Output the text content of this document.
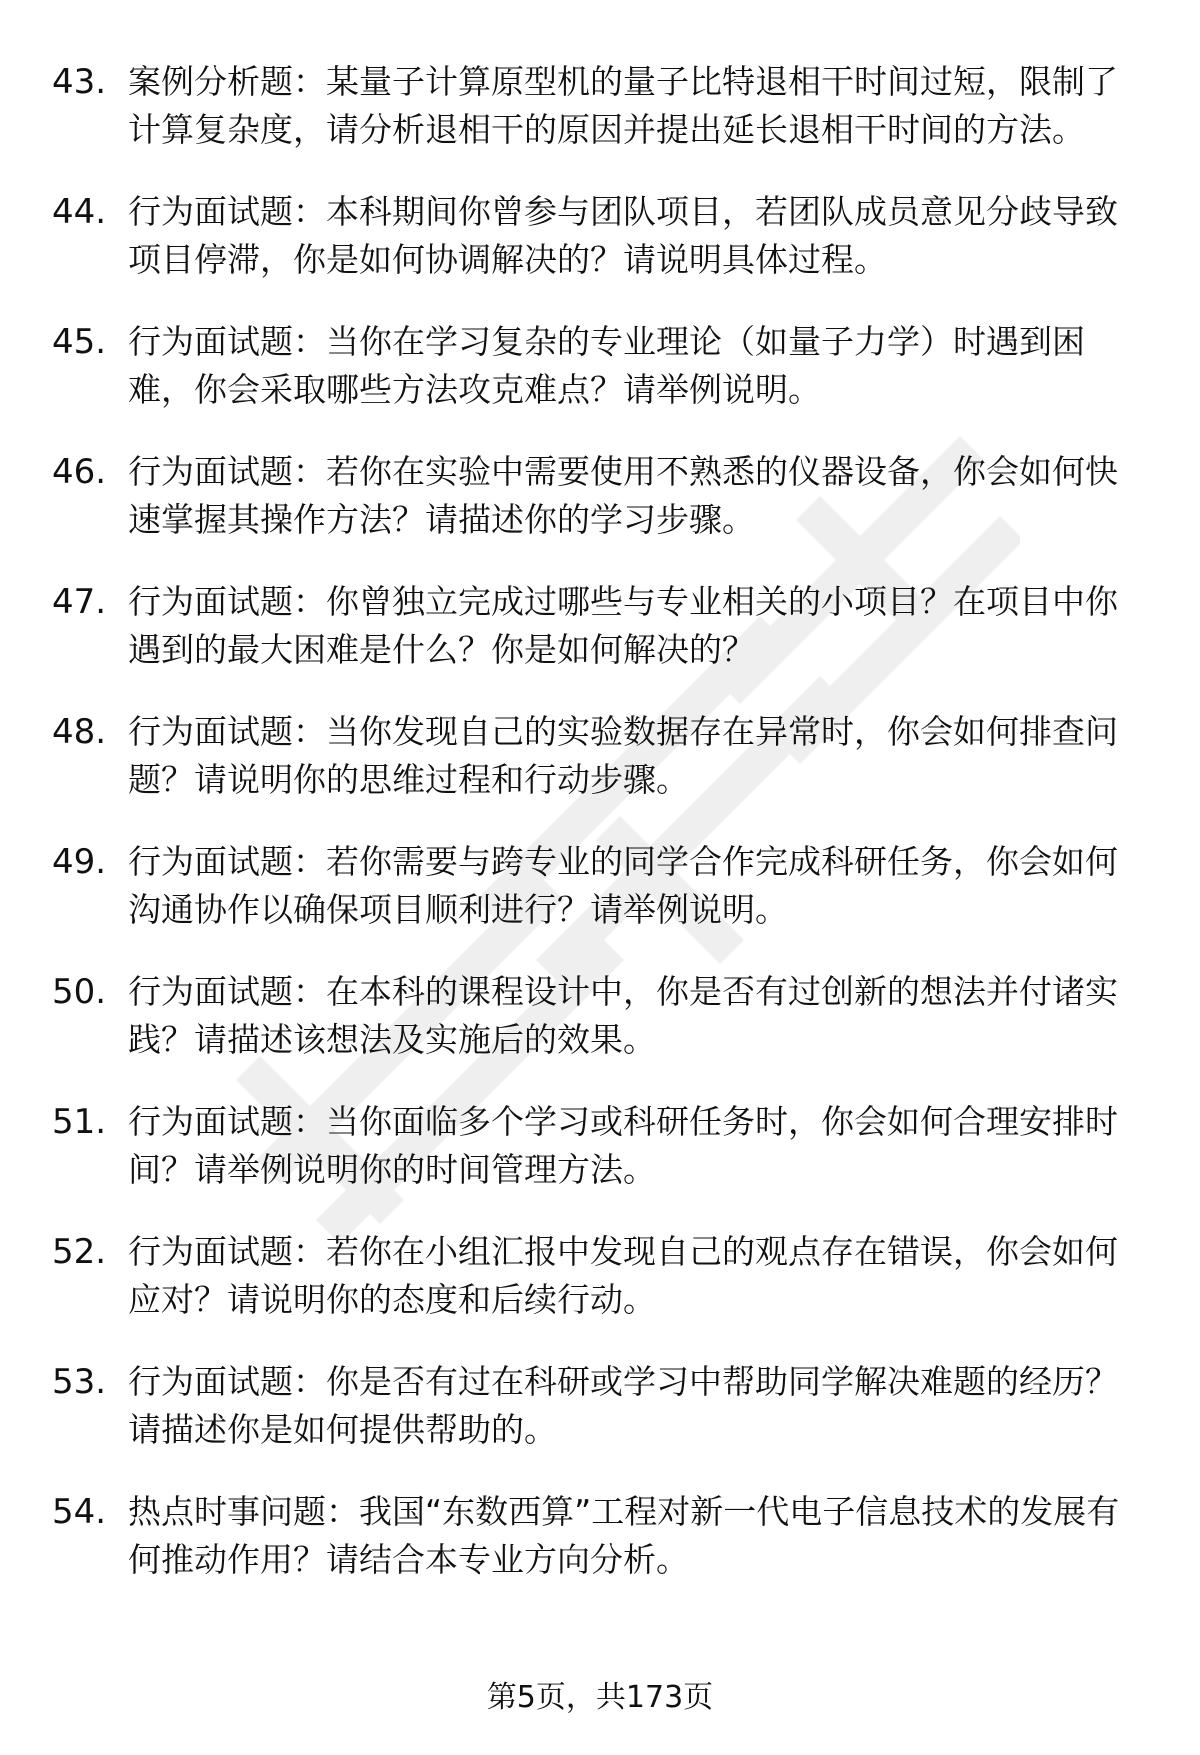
43. 案例分析题：某量子计算原型机的量子比特退相干时间过短，限制了计算复杂度，请分析退相干的原因并提出延长退相干时间的方法。
44. 行为面试题：本科期间你曾参与团队项目，若团队成员意见分歧导致项目停滞，你是如何协调解决的？请说明具体过程。
45. 行为面试题：当你在学习复杂的专业理论（如量子力学）时遇到困难，你会采取哪些方法攻克难点？请举例说明。
46. 行为面试题：若你在实验中需要使用不熟悉的仪器设备，你会如何快速掌握其操作方法？请描述你的学习步骤。
47. 行为面试题：你曾独立完成过哪些与专业相关的小项目？在项目中你遇到的最大困难是什么？你是如何解决的？
48. 行为面试题：当你发现自己的实验数据存在异常时，你会如何排查问题？请说明你的思维过程和行动步骤。
49. 行为面试题：若你需要与跨专业的同学合作完成科研任务，你会如何沟通协作以确保项目顺利进行？请举例说明。
50. 行为面试题：在本科的课程设计中，你是否有过创新的想法并付诸实践？请描述该想法及实施后的效果。
51. 行为面试题：当你面临多个学习或科研任务时，你会如何合理安排时间？请举例说明你的时间管理方法。
52. 行为面试题：若你在小组汇报中发现自己的观点存在错误，你会如何应对？请说明你的态度和后续行动。
53. 行为面试题：你是否有过在科研或学习中帮助同学解决难题的经历？请描述你是如何提供帮助的。
54. 热点时事问题：我国“东数西算”工程对新一代电子信息技术的发展有何推动作用？请结合本专业方向分析。
第5页，共173页
